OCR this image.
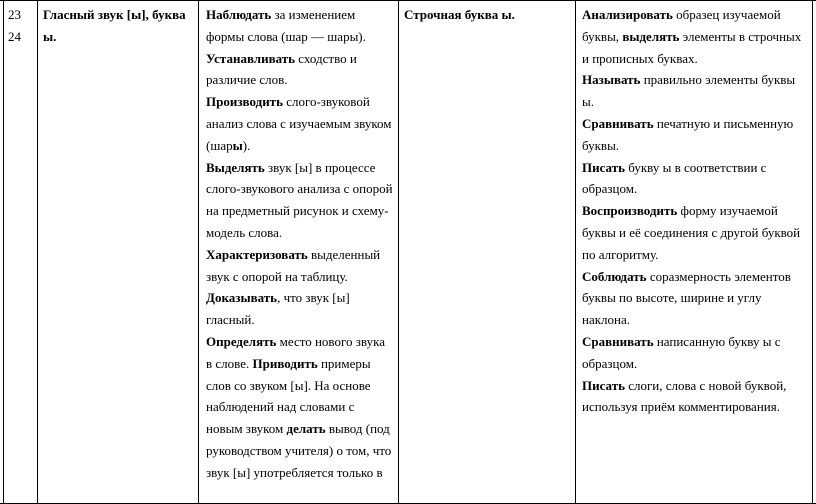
23

24

Гласный звук [ы], буква ы.

Наблюдать за изменением формы слова (шар — шары).

Устанавливать сходство и различие слов.

Производить слого-звуковой анализ слова с изучаемым звуком (шары).

Выделять звук [ы] в процессе слого-звукового анализа с опорой на предметный рисунок и схему-модель слова.

Характеризовать выделенный звук с опорой на таблицу.

Доказывать, что звук [ы] гласный.

Определять место нового звука в слове. Приводить примеры слов со звуком [ы]. На основе наблюдений над словами с новым звуком делать вывод (под руководством учителя) о том, что звук [ы] употребляется только в

Строчная буква ы.	Анализировать образец изучаемой буквы, выделять элементы в строчных и прописных буквах.

Называть правильно элементы буквы ы.

Сравнивать печатную и письменную буквы.

Писать букву ы в соответствии с образцом.

Воспроизводить форму изучаемой буквы и её соединения с другой буквой по алгоритму.

Соблюдать соразмерность элементов буквы по высоте, ширине и углу наклона.

Сравнивать написанную букву ы с образцом.

Писать слоги, слова с новой буквой, используя приём комментирования.
